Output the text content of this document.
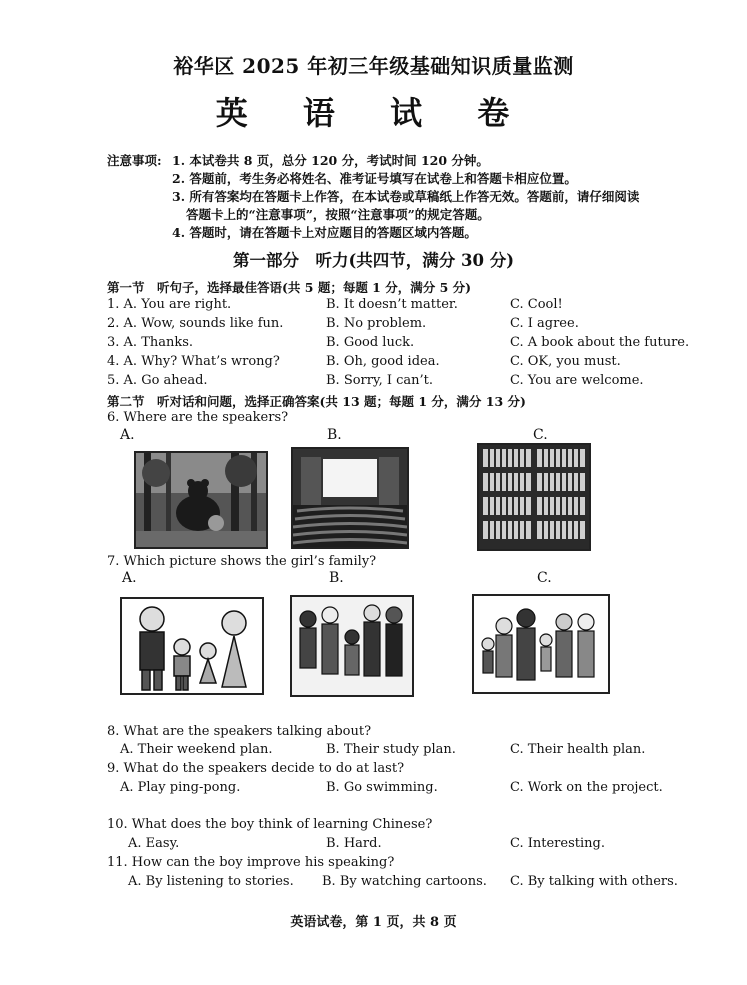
裕华区 2025 年初三年级基础知识质量监测
英 语 试 卷
注意事项: 1. 本试卷共 8 页，总分 120 分，考试时间 120 分钟。
2. 答题前，考生务必将姓名、准考证号填写在试卷上和答题卡相应位置。
3. 所有答案均在答题卡上作答，在本试卷或草稿纸上作答无效。答题前，请仔细阅读
答题卡上的“注意事项”，按照“注意事项”的规定答题。
4. 答题时，请在答题卡上对应题目的答题区域内答题。
第一部分　听力(共四节，满分 30 分)
第一节　听句子，选择最佳答语(共 5 题；每题 1 分，满分 5 分)
1. A. You are right.	B. It doesn’t matter.	C. Cool!
2. A. Wow, sounds like fun.	B. No problem.	C. I agree.
3. A. Thanks.	B. Good luck.	C. A book about the future.
4. A. Why? What’s wrong?	B. Oh, good idea.	C. OK, you must.
5. A. Go ahead.	B. Sorry, I can’t.	C. You are welcome.
第二节　听对话和问题，选择正确答案(共 13 题；每题 1 分，满分 13 分)
6. Where are the speakers?
A.	B.	C.
7. Which picture shows the girl’s family?
A.	B.	C.
8. What are the speakers talking about?
A. Their weekend plan.	B. Their study plan.	C. Their health plan.
9. What do the speakers decide to do at last?
A. Play ping-pong.	B. Go swimming.	C. Work on the project.
10. What does the boy think of learning Chinese?
A. Easy.	B. Hard.	C. Interesting.
11. How can the boy improve his speaking?
A. By listening to stories. B. By watching cartoons. C. By talking with others.
英语试卷，第 1 页，共 8 页
